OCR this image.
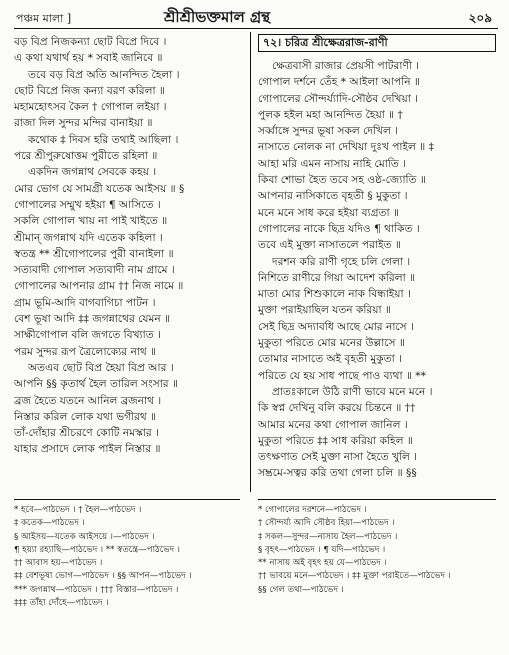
পঞ্চম মালা ]	শ্রীশ্রীভক্তমাল গ্রন্থ	২০৯
বড় বিপ্র নিজকন্যা ছোট বিপ্রে দিবে ।
এ কথা যথার্থ হয় * সবাই জানিবে ॥
তবে বড় বিপ্র অতি আনন্দিত হৈলা ।
ছোট বিপ্রে নিজ কন্যা বরণ করিলা ॥
মহামহোৎসব কৈল † গোপাল লইয়া ।
রাজা দিল সুন্দর মন্দির বানাইয়া ॥
কথোক ‡ দিবস হরি তথাই আছিলা ।
পরে শ্রীপুরুষোত্তম পুরীতে রহিলা ॥
একদিন জগন্নাথ সেবকে কহয় ।
মোর ভোগ যে সামগ্রী যতেক আইসয় ॥ §
গোপালের সম্মুখ হইয়া ¶ আসিতে ।
সকলি গোপাল খায় না পাই খাইতে ॥
শ্রীমান্ জগন্নাথ যদি এতেক কহিলা ।
স্বতন্ত্র ** শ্রীগোপালের পুরী বানাইলা ॥
সত্যবাদী গোপাল সত্যবাদী নাম গ্রামে ।
গোপালের আপনার গ্রাম †† নিজ নামে ॥
গ্রাম ভূমি-আদি বাগবাগিচা পাটন ।
বেশ ভূষা আদি ‡‡ জগন্নাথের যেমন ॥
সাক্ষীগোপাল বলি জগতে বিখ্যাত ।
পরম সুন্দর রূপ ত্রৈলোক্যের নাথ ॥
অতএব ছোট বিপ্র হৈয়া বিপ্র আর ।
আপনি §§ কৃতার্থ হৈল তারিল সংসার ॥
ব্রজ হৈতে যতনে আনিল ব্রজনাথ ।
নিস্তার করিল লোক যথা ভগীরথ ॥
তাঁ-দোঁহার শ্রীচরণে কোটি নমস্কার ।
যাহার প্রসাদে লোক পাইল নিস্তার ॥
৭২। চরিত্র শ্রীক্ষেত্ররাজ-রাণী
ক্ষেত্রবাসী রাজার প্রেয়সী পাটরাণী ।
গোপাল দর্শনে তেঁহ * আইলা আপনি ॥
গোপালের সৌন্দর্য্যাদি-সৌষ্ঠব দেখিয়া ।
পুলক হইল মহা আনন্দিত হৈয়া ॥ †
সর্ব্বাঙ্গে সুন্দর ভূষা সকল দেখিল ।
নাসাতে নোলক না দেখিয়া দুঃখ পাইল ॥ ‡
আহা মরি এমন নাসায় নাহি মোতি ।
কিবা শোভা হৈত তবে সহ ওষ্ঠ-জ্যোতি ॥
আপনার নাসিকাতে বৃহতী § মুকুতা ।
মনে মনে সাধ করে হইয়া ব্যগ্রতা ॥
গোপালের নাকে ছিদ্র যদিও ¶ থাকিত ।
তবে এই মুক্তা নাসাতলে পরাইত ॥
দরশন করি রাণী গৃহে চলি গেলা ।
নিশিতে রাণীরে গিয়া আদেশ করিলা ॥
মাতা মোর শিশুকালে নাক বিন্ধাইয়া ।
মুক্তা পরাইয়াছিল যতন করিয়া ॥
সেই ছিদ্র অদ্যাবধি আছে মোর নাসে ।
মুকুতা পরিতে মোর মনের উল্লাসে ॥
তোমার নাসাতে অই বৃহতী মুকুতা ।
পরিতে যে হয় সাধ পাছে পাও ব্যথা ॥ **
প্রাতঃকালে উঠি রাণী ভাবে মনে মনে ।
কি স্বপ্ন দেখিনু বলি করয়ে চিন্তনে ॥ ††
আমার মনের কথা গোপাল জানিল ।
মুকুতা পরিতে ‡‡ সাধ করিয়া কহিল ॥
তৎক্ষণাত সেই মুক্তা নাসা হৈতে খুলি ।
সম্ভ্রমে-সত্বর করি তথা গেলা চলি ॥ §§
* হবে—পাঠভেদ । † হৈল—পাঠভেদ ।
‡ কতেক—পাঠভেদ ।
§ আইসয়—যতেক আইসয়ে ।—পাঠভেদ ।
¶ হয়্যা রহ্যাছি—পাঠভেদ । ** স্বতন্ত্রে—পাঠভেদ ।
†† আবাস হয়—পাঠভেদ ।
‡‡ বেশভূষা ভোগ—পাঠভেদ । §§ আপন—পাঠভেদ ।
*** জগন্নাথ—পাঠভেদ । ††† বিস্তার—পাঠভেদ ।
‡‡‡ তাঁহা দোঁহে—পাঠভেদ ।
* গোপালের দরশনে—পাঠভেদ ।
† সৌন্দর্য্য আদি সৌষ্ঠব হিয়া—পাঠভেদ ।
‡ সকল—সুন্দর—নাসায় হৈল—পাঠভেদ ।
§ বৃহৎ—পাঠভেদ । ¶ যদি—পাঠভেদ ।
** নাসায় অই বৃহৎ হয় যে—পাঠভেদ ।
†† ভাবয়ে মনে—পাঠভেদ । ‡‡ মুক্তা পরাইতে—পাঠভেদ ।
§§ গেল তথা—পাঠভেদ ।
